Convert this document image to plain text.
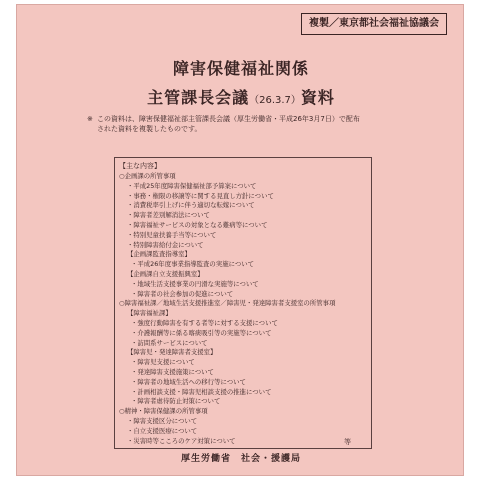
複製／東京都社会福祉協議会
障害保健福祉関係
主管課長会議（26.3.7）資料
※ この資料は、障害保健福祉部主管課長会議（厚生労働省・平成26年3月7日）で配布された資料を複製したものです。
【主な内容】
○企画課の所管事項
・平成25年度障害保健福祉部予算案について
・事務・権限の移譲等に関する見直し方針について
・消費税率引上げに伴う適切な転嫁について
・障害者差別解消法について
・障害福祉サービスの対象となる難病等について
・特別児童扶養手当等について
・特別障害給付金について
【企画課監査指導室】
・平成26年度事業指導監査の実施について
【企画課自立支援振興室】
・地域生活支援事業の円滑な実施等について
・障害者の社会参加の促進について
○障害福祉課／地域生活支援推進室／障害児・発達障害者支援室の所管事項
【障害福祉課】
・強度行動障害を有する者等に対する支援について
・介護報酬等に係る喀痰吸引等の実施等について
・訪問系サービスについて
【障害児・発達障害者支援室】
・障害児支援について
・発達障害支援施策について
・障害者の地域生活への移行等について
・計画相談支援・障害児相談支援の推進について
・障害者虐待防止対策について
○精神・障害保健課の所管事項
・障害支援区分について
・自立支援医療について
・災害時等こころのケア対策について	等
厚生労働省　社会・援護局
